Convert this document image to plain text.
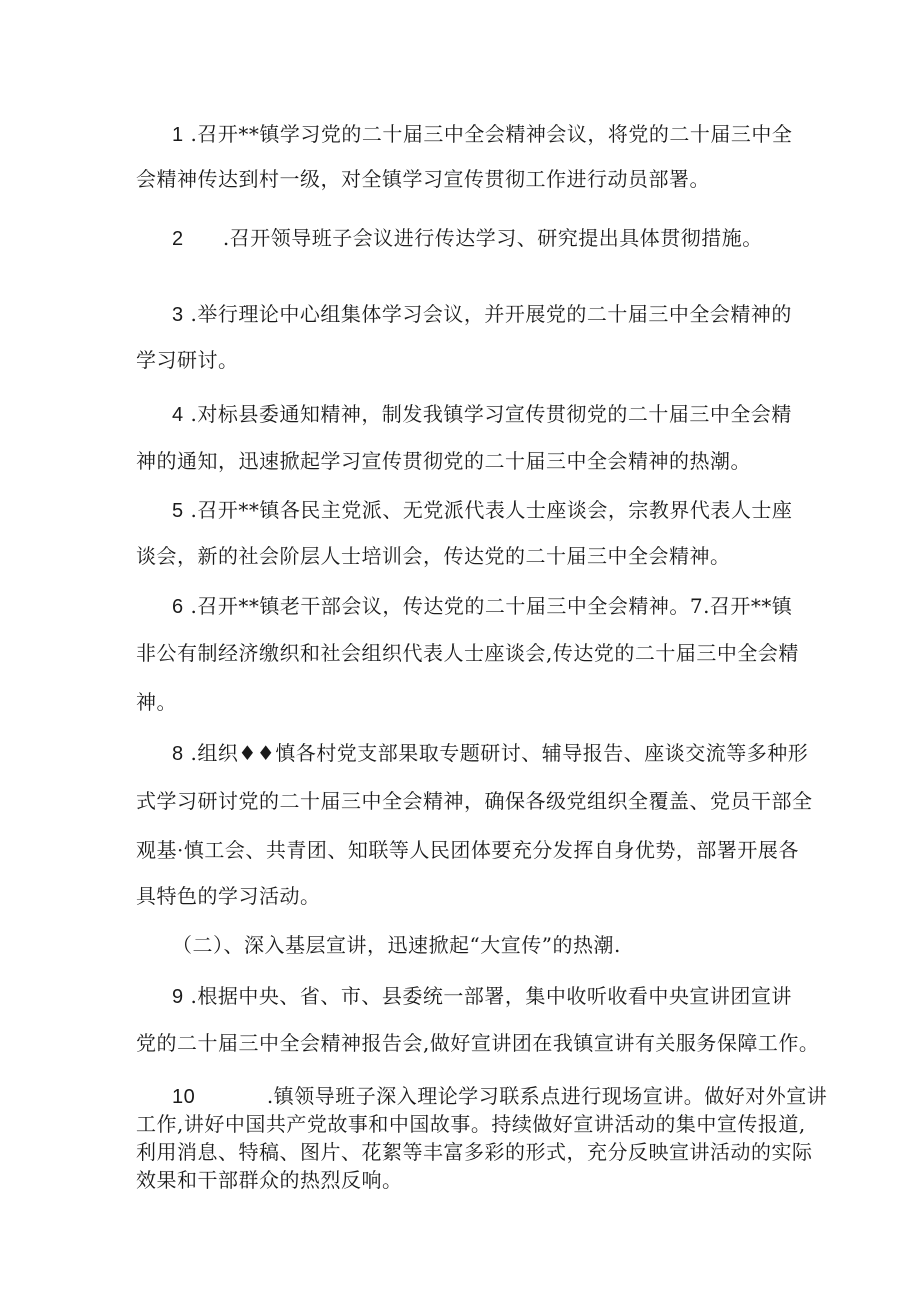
1 .召开**镇学习党的二十届三中全会精神会议，将党的二十届三中全
会精神传达到村一级，对全镇学习宣传贯彻工作进行动员部署。
2 .召开领导班子会议进行传达学习、研究提出具体贯彻措施。
3 .举行理论中心组集体学习会议，并开展党的二十届三中全会精神的
学习研讨。
4 .对标县委通知精神，制发我镇学习宣传贯彻党的二十届三中全会精
神的通知，迅速掀起学习宣传贯彻党的二十届三中全会精神的热潮。
5 .召开**镇各民主党派、无党派代表人士座谈会，宗教界代表人士座
谈会，新的社会阶层人士培训会，传达党的二十届三中全会精神。
6 .召开**镇老干部会议，传达党的二十届三中全会精神。7.召开**镇
非公有制经济缴织和社会组织代表人士座谈会,传达党的二十届三中全会精
神。
8 .组织♦♦慎各村党支部果取专题研讨、辅导报告、座谈交流等多种形
式学习研讨党的二十届三中全会精神，确保各级党组织全覆盖、党员干部全
观基·慎工会、共青团、知联等人民团体要充分发挥自身优势，部署开展各
具特色的学习活动。
（二）、深入基层宣讲，迅速掀起“大宣传”的热潮.
9 .根据中央、省、市、县委统一部署，集中收听收看中央宣讲团宣讲
党的二十届三中全会精神报告会,做好宣讲团在我镇宣讲有关服务保障工作。
10	.镇领导班子深入理论学习联系点进行现场宣讲。做好对外宣讲
工作,讲好中国共产党故事和中国故事。持续做好宣讲活动的集中宣传报道,
利用消息、特稿、图片、花絮等丰富多彩的形式，充分反映宣讲活动的实际
效果和干部群众的热烈反响。
